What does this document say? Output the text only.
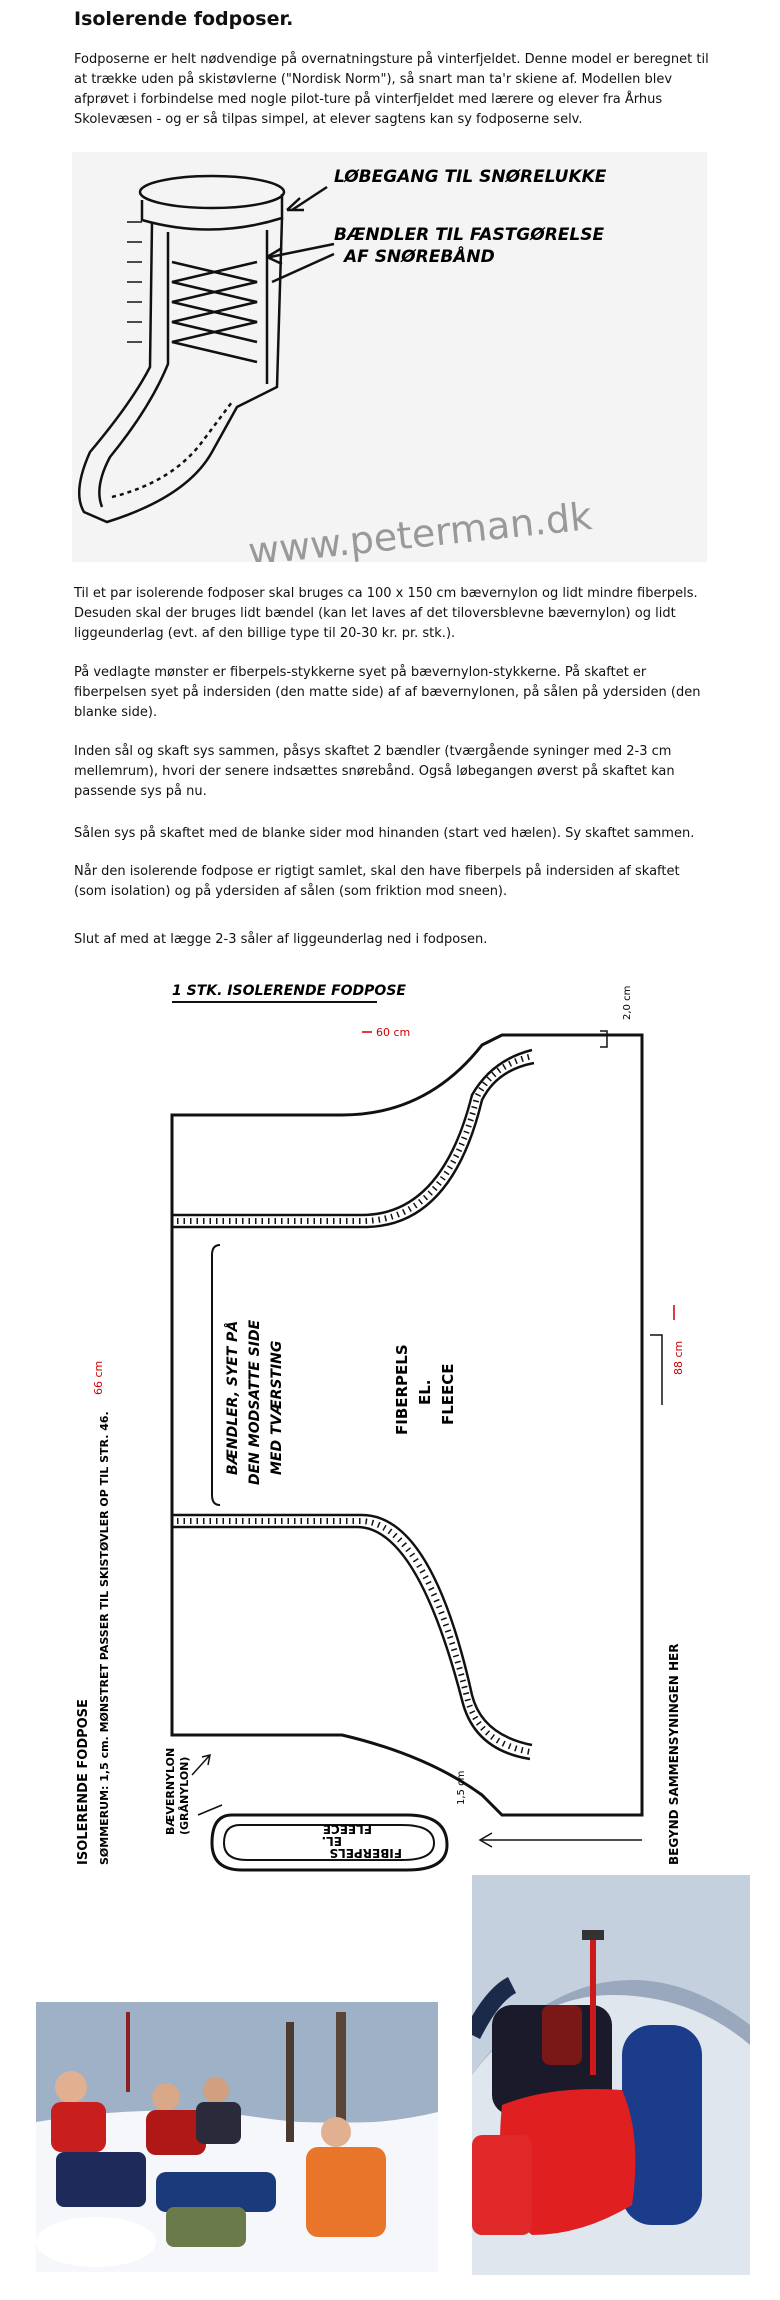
Isolerende fodposer.
Fodposerne er helt nødvendige på overnatningsture på vinterfjeldet. Denne model er beregnet til at trække uden på skistøvlerne ("Nordisk Norm"), så snart man ta'r skiene af. Modellen blev afprøvet i forbindelse med nogle pilot-ture på vinterfjeldet med lærere og elever fra Århus Skolevæsen - og er så tilpas simpel, at elever sagtens kan sy fodposerne selv.
LØBEGANG TIL SNØRELUKKE
BÆNDLER TIL FASTGØRELSE
AF SNØREBÅND
www.peterman.dk
Til et par isolerende fodposer skal bruges ca 100 x 150 cm bævernylon og lidt mindre fiberpels. Desuden skal der bruges lidt bændel (kan let laves af det tiloversblevne bævernylon) og lidt liggeunderlag (evt. af den billige type til 20-30 kr. pr. stk.).
På vedlagte mønster er fiberpels-stykkerne syet på bævernylon-stykkerne. På skaftet er fiberpelsen syet på indersiden (den matte side) af af bævernylonen, på sålen på ydersiden (den blanke side).
Inden sål og skaft sys sammen, påsys skaftet 2 bændler (tværgående syninger med 2-3 cm mellemrum), hvori der senere indsættes snørebånd. Også løbegangen øverst på skaftet kan passende sys på nu.
Sålen sys på skaftet med de blanke sider mod hinanden (start ved hælen). Sy skaftet sammen.
Når den isolerende fodpose er rigtigt samlet, skal den have fiberpels på indersiden af skaftet (som isolation) og på ydersiden af sålen (som friktion mod sneen).
Slut af med at lægge 2-3 såler af liggeunderlag ned i fodposen.
1 STK. ISOLERENDE FODPOSE
60 cm
2,0 cm
88 cm
66 cm	BÆNDLER, SYET PÅ DEN MODSATTE SIDE MED TVÆRSTING	FIBERPELS EL. FLEECE
ISOLERENDE FODPOSE SØMMERUM: 1,5 cm. MØNSTRET PASSER TIL SKISTØVLER OP TIL STR. 46.	BÆVERNYLON (GRÅNYLON)
FIBERPELS
EL.
FLEECE
1,5 cm	BEGYND SAMMENSYNINGEN HER
